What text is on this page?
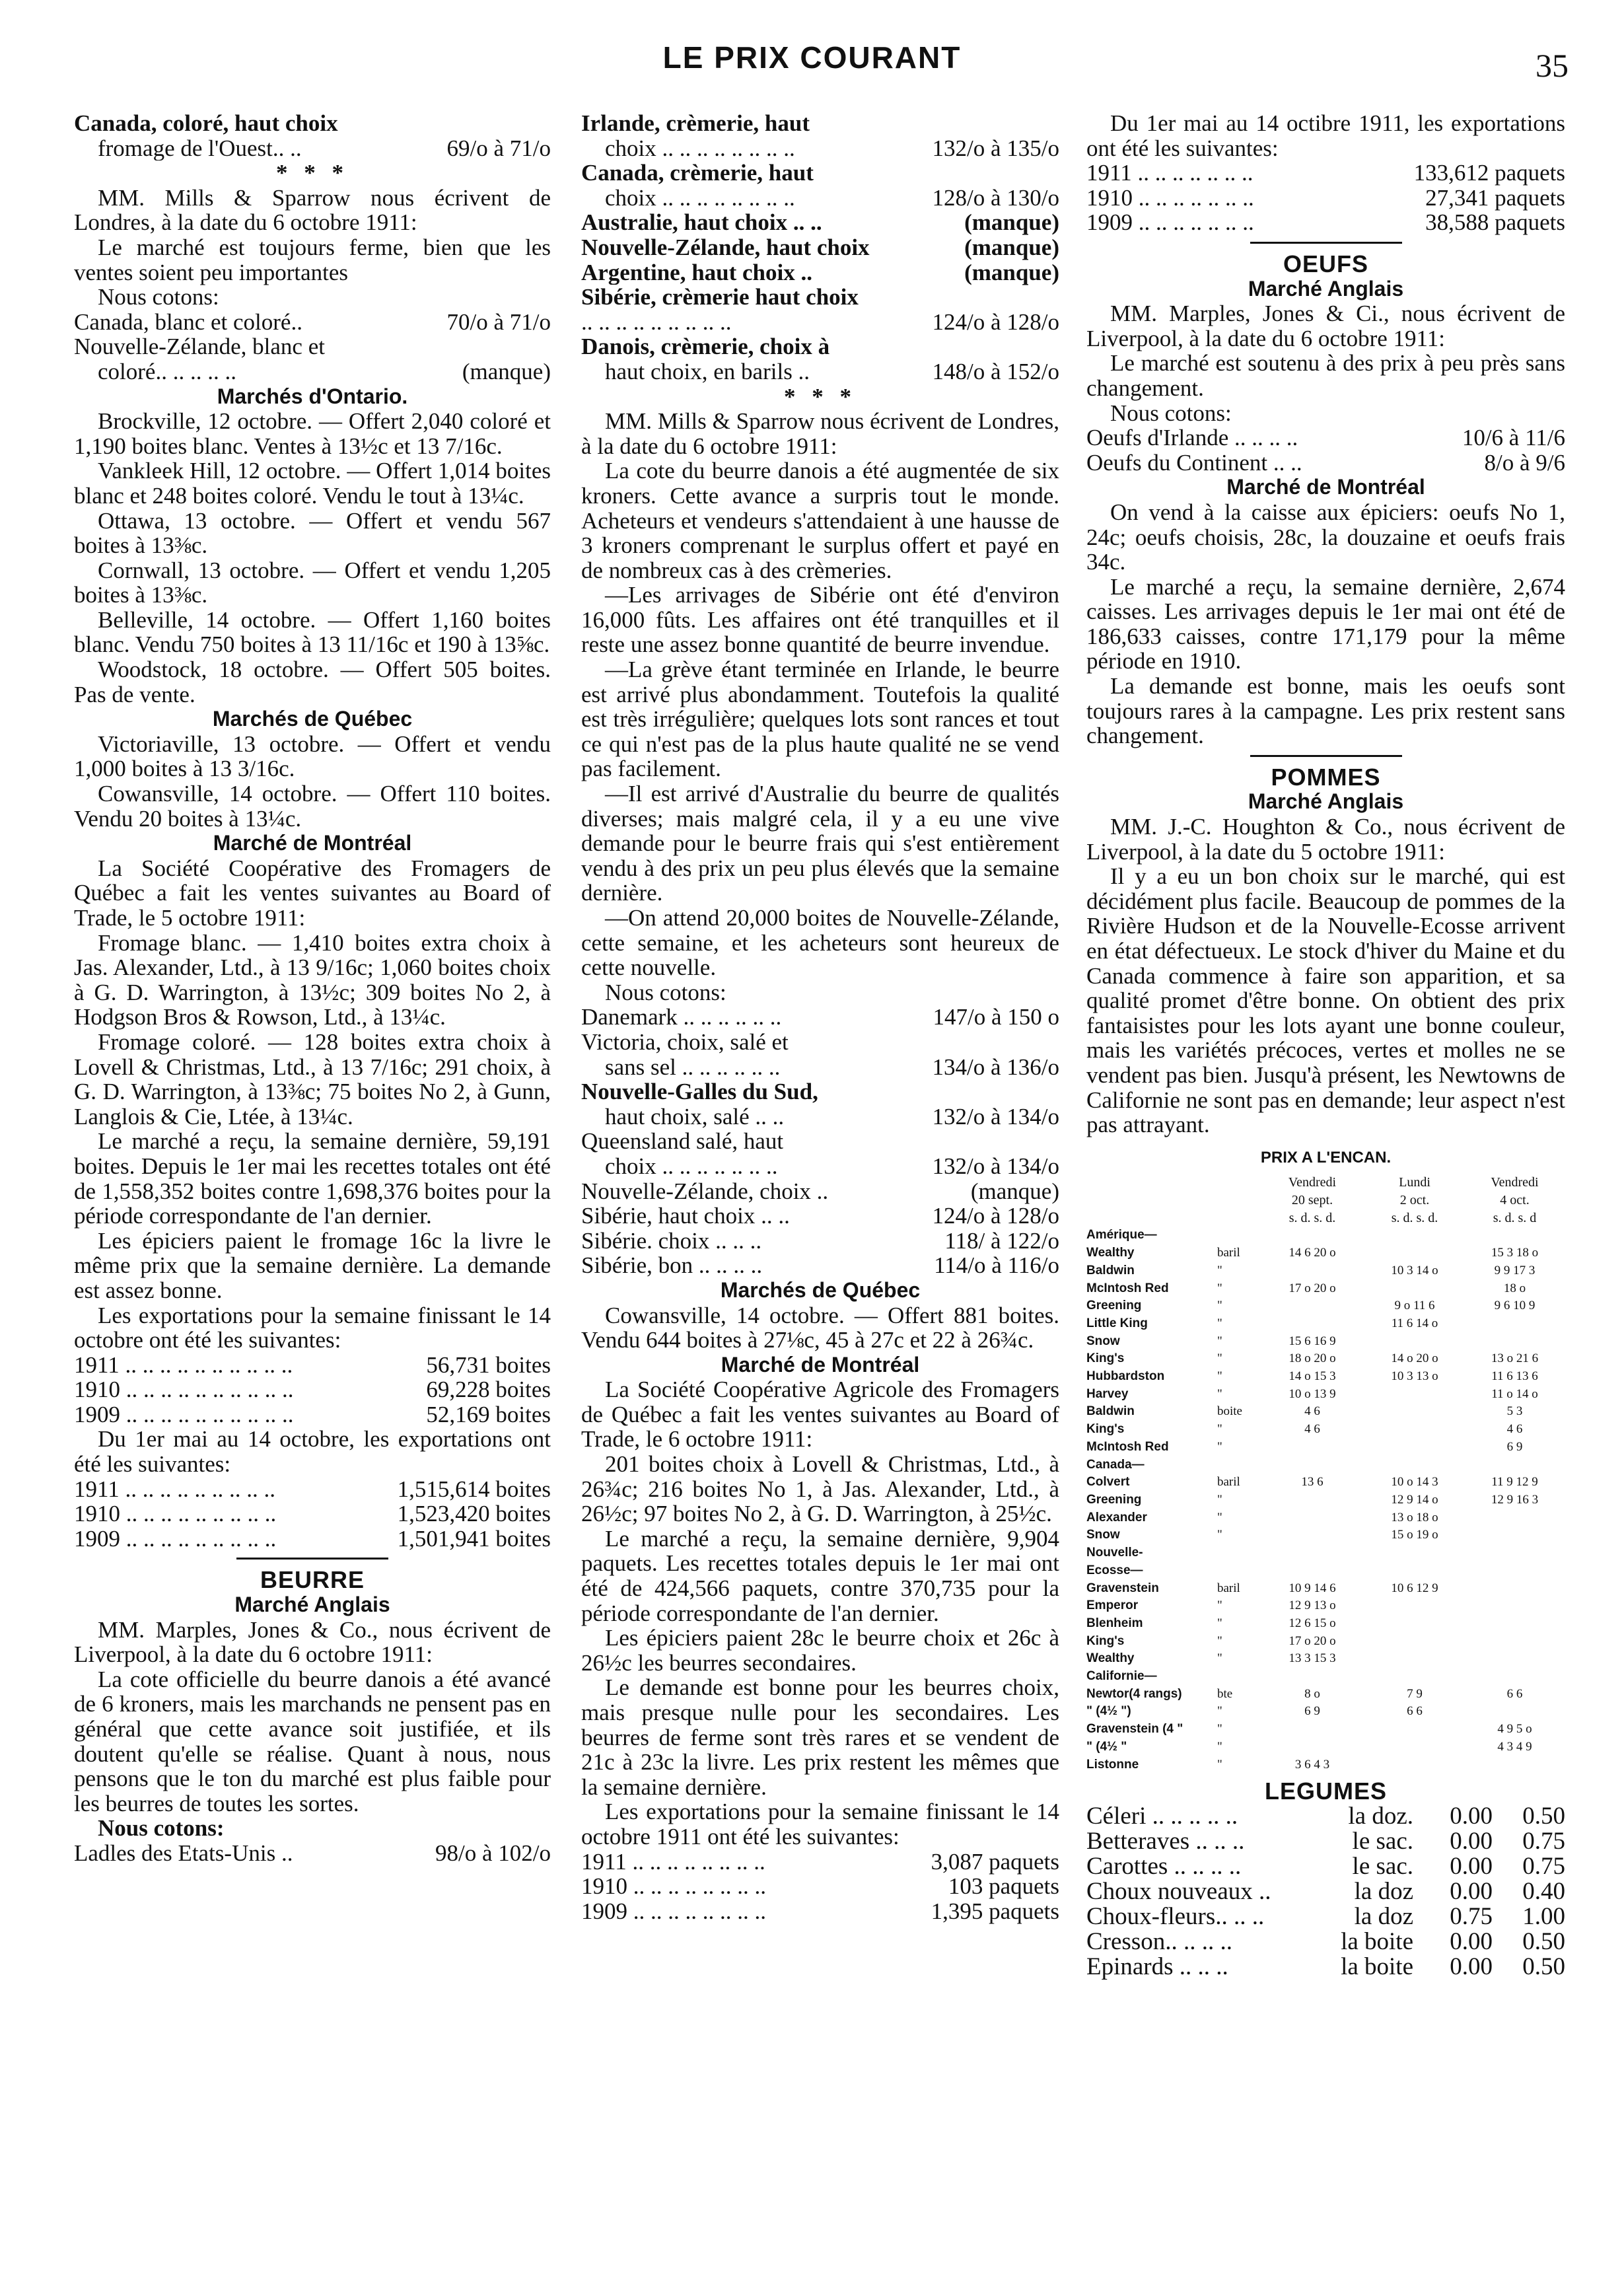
LE PRIX COURANT	35
Canada, coloré, haut choix
fromage de l'Ouest.. ..	69/o à 71/o
* * *

MM. Mills & Sparrow nous écrivent de Londres, à la date du 6 octobre 1911:

Le marché est toujours ferme, bien que les ventes soient peu importantes

Nous cotons:

Canada, blanc et coloré..	70/o à 71/o
Nouvelle-Zélande, blanc et
coloré.. .. .. .. ..	(manque)
Marchés d'Ontario.

Brockville, 12 octobre. — Offert 2,040 coloré et 1,190 boites blanc. Ventes à 13½c et 13 7/16c.

Vankleek Hill, 12 octobre. — Offert 1,014 boites blanc et 248 boites coloré. Vendu le tout à 13¼c.

Ottawa, 13 octobre. — Offert et vendu 567 boites à 13⅜c.

Cornwall, 13 octobre. — Offert et vendu 1,205 boites à 13⅜c.

Belleville, 14 octobre. — Offert 1,160 boites blanc. Vendu 750 boites à 13 11/16c et 190 à 13⅝c.

Woodstock, 18 octobre. — Offert 505 boites. Pas de vente.

Marchés de Québec

Victoriaville, 13 octobre. — Offert et vendu 1,000 boites à 13 3/16c.

Cowansville, 14 octobre. — Offert 110 boites. Vendu 20 boites à 13¼c.

Marché de Montréal

La Société Coopérative des Fromagers de Québec a fait les ventes suivantes au Board of Trade, le 5 octobre 1911:

Fromage blanc. — 1,410 boites extra choix à Jas. Alexander, Ltd., à 13 9/16c; 1,060 boites choix à G. D. Warrington, à 13½c; 309 boites No 2, à Hodgson Bros & Rowson, Ltd., à 13¼c.

Fromage coloré. — 128 boites extra choix à Lovell & Christmas, Ltd., à 13 7/16c; 291 choix, à G. D. Warrington, à 13⅜c; 75 boites No 2, à Gunn, Langlois & Cie, Ltée, à 13¼c.

Le marché a reçu, la semaine dernière, 59,191 boites. Depuis le 1er mai les recettes totales ont été de 1,558,352 boites contre 1,698,376 boites pour la période correspondante de l'an dernier.

Les épiciers paient le fromage 16c la livre le même prix que la semaine dernière. La demande est assez bonne.

Les exportations pour la semaine finissant le 14 octobre ont été les suivantes:

1911 .. .. .. .. .. .. .. .. .. ..	56,731 boites
1910 .. .. .. .. .. .. .. .. .. ..	69,228 boites
1909 .. .. .. .. .. .. .. .. .. ..	52,169 boites

Du 1er mai au 14 octobre, les exportations ont été les suivantes:

1911 .. .. .. .. .. .. .. .. ..	1,515,614 boites
1910 .. .. .. .. .. .. .. .. ..	1,523,420 boites
1909 .. .. .. .. .. .. .. .. ..	1,501,941 boites
BEURRE
Marché Anglais

MM. Marples, Jones & Co., nous écrivent de Liverpool, à la date du 6 octobre 1911:

La cote officielle du beurre danois a été avancé de 6 kroners, mais les marchands ne pensent pas en général que cette avance soit justifiée, et ils doutent qu'elle se réalise. Quant à nous, nous pensons que le ton du marché est plus faible pour les beurres de toutes les sortes.

Nous cotons:

Ladles des Etats-Unis ..	98/o à 102/o
Irlande, crèmerie, haut
choix .. .. .. .. .. .. .. ..	132/o à 135/o
Canada, crèmerie, haut
choix .. .. .. .. .. .. .. ..	128/o à 130/o
Australie, haut choix .. ..	(manque)
Nouvelle-Zélande, haut choix	(manque)
Argentine, haut choix ..	(manque)
Sibérie, crèmerie haut choix
.. .. .. .. .. .. .. .. ..	124/o à 128/o
Danois, crèmerie, choix à
haut choix, en barils ..	148/o à 152/o
* * *

MM. Mills & Sparrow nous écrivent de Londres, à la date du 6 octobre 1911:

La cote du beurre danois a été augmentée de six kroners. Cette avance a surpris tout le monde. Acheteurs et vendeurs s'attendaient à une hausse de 3 kroners comprenant le surplus offert et payé en de nombreux cas à des crèmeries.

—Les arrivages de Sibérie ont été d'environ 16,000 fûts. Les affaires ont été tranquilles et il reste une assez bonne quantité de beurre invendue.

—La grève étant terminée en Irlande, le beurre est arrivé plus abondamment. Toutefois la qualité est très irrégulière; quelques lots sont rances et tout ce qui n'est pas de la plus haute qualité ne se vend pas facilement.

—Il est arrivé d'Australie du beurre de qualités diverses; mais malgré cela, il y a eu une vive demande pour le beurre frais qui s'est entièrement vendu à des prix un peu plus élevés que la semaine dernière.

—On attend 20,000 boites de Nouvelle-Zélande, cette semaine, et les acheteurs sont heureux de cette nouvelle.

Nous cotons:

Danemark .. .. .. .. .. ..	147/o à 150 o
Victoria, choix, salé et
sans sel .. .. .. .. .. ..	134/o à 136/o
Nouvelle-Galles du Sud,
haut choix, salé .. ..	132/o à 134/o
Queensland salé, haut
choix .. .. .. .. .. .. ..	132/o à 134/o
Nouvelle-Zélande, choix ..	(manque)
Sibérie, haut choix .. ..	124/o à 128/o
Sibérie. choix .. .. ..	118/ à 122/o
Sibérie, bon .. .. .. ..	114/o à 116/o
Marchés de Québec

Cowansville, 14 octobre. — Offert 881 boites. Vendu 644 boites à 27⅛c, 45 à 27c et 22 à 26¾c.

Marché de Montréal

La Société Coopérative Agricole des Fromagers de Québec a fait les ventes suivantes au Board of Trade, le 6 octobre 1911:

201 boites choix à Lovell & Christmas, Ltd., à 26¾c; 216 boites No 1, à Jas. Alexander, Ltd., à 26½c; 97 boites No 2, à G. D. Warrington, à 25½c.

Le marché a reçu, la semaine dernière, 9,904 paquets. Les recettes totales depuis le 1er mai ont été de 424,566 paquets, contre 370,735 pour la période correspondante de l'an dernier.

Les épiciers paient 28c le beurre choix et 26c à 26½c les beurres secondaires.

Le demande est bonne pour les beurres choix, mais presque nulle pour les secondaires. Les beurres de ferme sont très rares et se vendent de 21c à 23c la livre. Les prix restent les mêmes que la semaine dernière.

Les exportations pour la semaine finissant le 14 octobre 1911 ont été les suivantes:

1911 .. .. .. .. .. .. .. ..	3,087 paquets
1910 .. .. .. .. .. .. .. ..	103 paquets
1909 .. .. .. .. .. .. .. ..	1,395 paquets

Du 1er mai au 14 octibre 1911, les exportations ont été les suivantes:

1911 .. .. .. .. .. .. ..	133,612 paquets
1910 .. .. .. .. .. .. ..	27,341 paquets
1909 .. .. .. .. .. .. ..	38,588 paquets
OEUFS
Marché Anglais

MM. Marples, Jones & Ci., nous écrivent de Liverpool, à la date du 6 octobre 1911:

Le marché est soutenu à des prix à peu près sans changement.

Nous cotons:

Oeufs d'Irlande .. .. .. ..	10/6 à 11/6
Oeufs du Continent .. ..	8/o à 9/6
Marché de Montréal

On vend à la caisse aux épiciers: oeufs No 1, 24c; oeufs choisis, 28c, la douzaine et oeufs frais 34c.

Le marché a reçu, la semaine dernière, 2,674 caisses. Les arrivages depuis le 1er mai ont été de 186,633 caisses, contre 171,179 pour la même période en 1910.

La demande est bonne, mais les oeufs sont toujours rares à la campagne. Les prix restent sans changement.

POMMES
Marché Anglais

MM. J.-C. Houghton & Co., nous écrivent de Liverpool, à la date du 5 octobre 1911:

Il y a eu un bon choix sur le marché, qui est décidément plus facile. Beaucoup de pommes de la Rivière Hudson et de la Nouvelle-Ecosse arrivent en état défectueux. Le stock d'hiver du Maine et du Canada commence à faire son apparition, et sa qualité promet d'être bonne. On obtient des prix fantaisistes pour les lots ayant une bonne couleur, mais les variétés précoces, vertes et molles ne se vendent pas bien. Jusqu'à présent, les Newtowns de Californie ne sont pas en demande; leur aspect n'est pas attrayant.

PRIX A L'ENCAN.
		Vendredi	Lundi	Vendredi
		20 sept.	2 oct.	4 oct.
		s. d. s. d.	s. d. s. d.	s. d. s. d
Amérique—				
Wealthy	baril	14 6 20 o		15 3 18 o
Baldwin	"		10 3 14 o	9 9 17 3
McIntosh Red	"	17 o 20 o		18 o
Greening	"		9 o 11 6	9 6 10 9
Little King	"		11 6 14 o	
Snow	"	15 6 16 9		
King's	"	18 o 20 o	14 o 20 o	13 o 21 6
Hubbardston	"	14 o 15 3	10 3 13 o	11 6 13 6
Harvey	"	10 o 13 9		11 o 14 o
Baldwin	boite	4 6		5 3
King's	"	4 6		4 6
McIntosh Red	"			6 9
Canada—				
Colvert	baril	13 6	10 o 14 3	11 9 12 9
Greening	"		12 9 14 o	12 9 16 3
Alexander	"		13 o 18 o	
Snow	"		15 o 19 o	
Nouvelle-				
Ecosse—				
Gravenstein	baril	10 9 14 6	10 6 12 9	
Emperor	"	12 9 13 o		
Blenheim	"	12 6 15 o		
King's	"	17 o 20 o		
Wealthy	"	13 3 15 3		
Californie—				
Newtor(4 rangs)	bte	8 o	7 9	6 6
" (4½ ")	"	6 9	6 6	
Gravenstein (4 "	"			4 9 5 o
" (4½ "	"			4 3 4 9
Listonne	"	3 6 4 3		
LEGUMES
Céleri .. .. .. .. ..	la doz.	0.00	0.50
Betteraves .. .. ..	le sac.	0.00	0.75
Carottes .. .. .. ..	le sac.	0.00	0.75
Choux nouveaux ..	la doz	0.00	0.40
Choux-fleurs.. .. ..	la doz	0.75	1.00
Cresson.. .. .. ..	la boite	0.00	0.50
Epinards .. .. ..	la boite	0.00	0.50
